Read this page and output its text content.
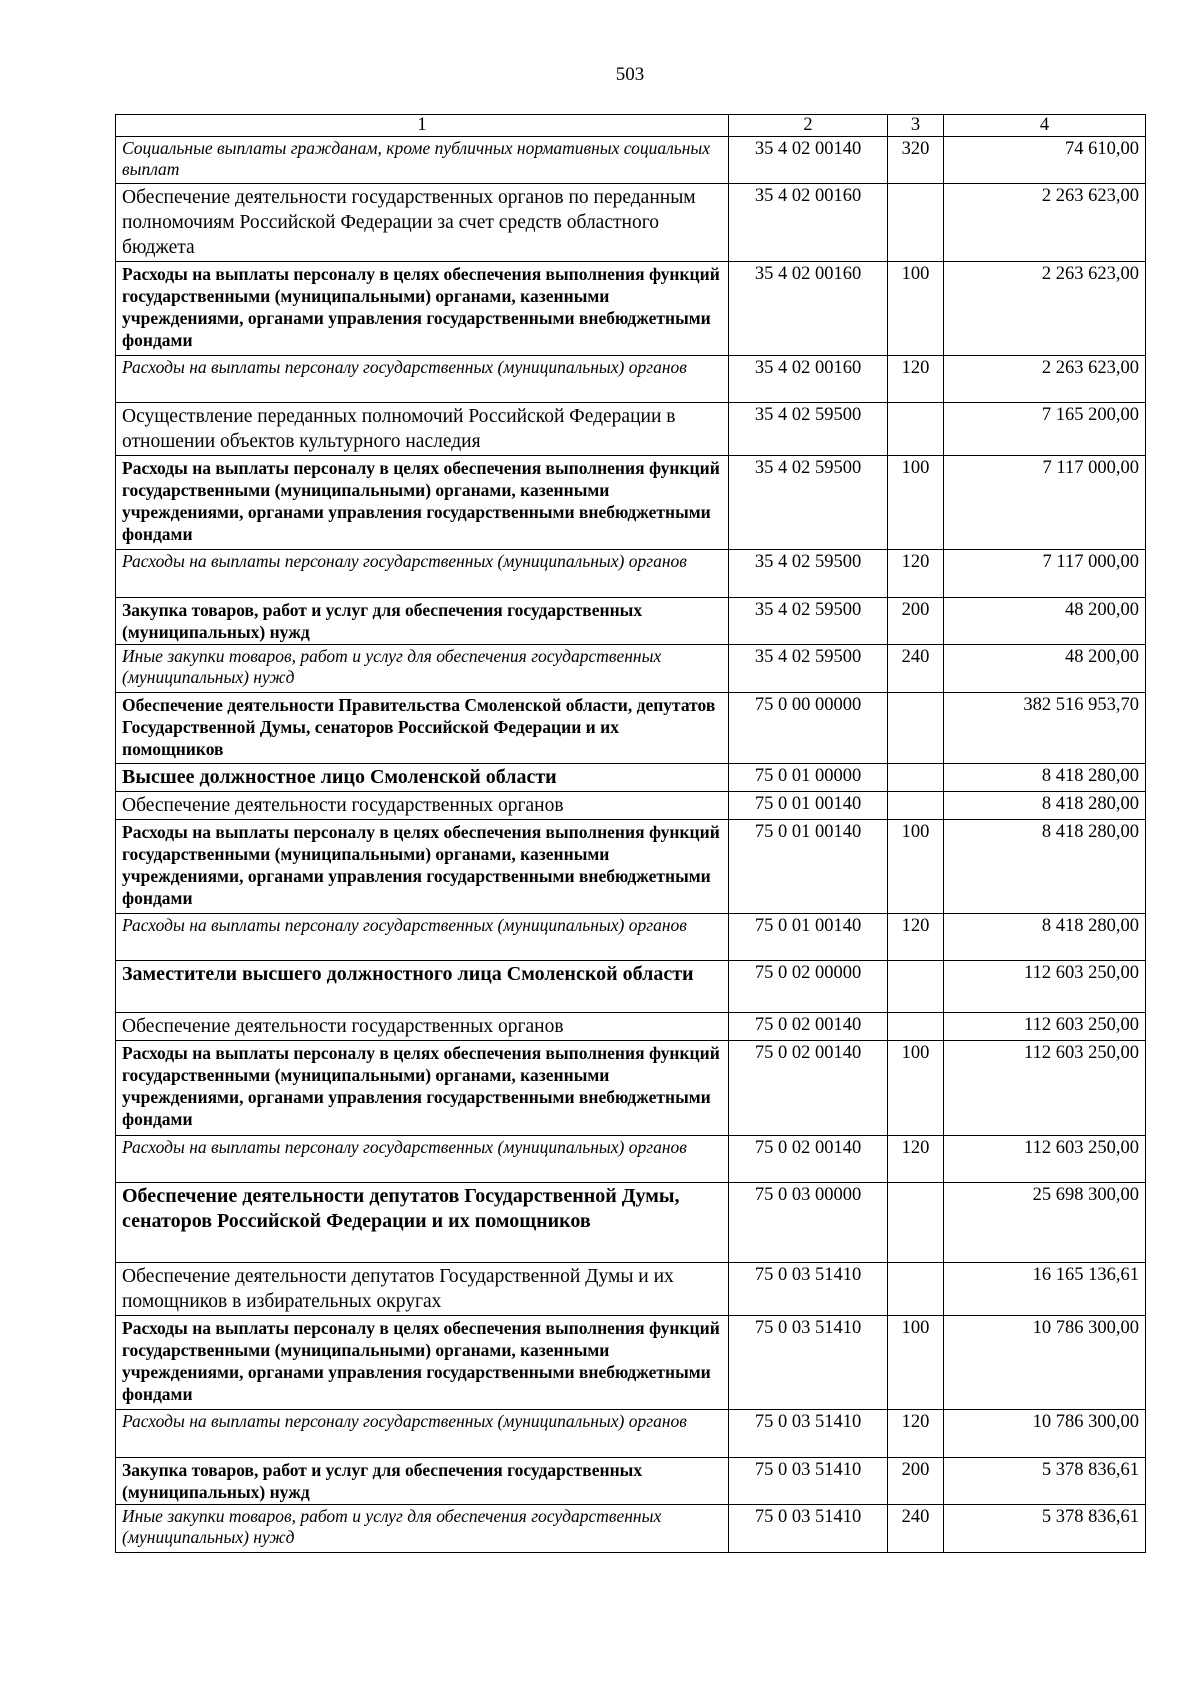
503
1	2	3	4
Социальные выплаты гражданам, кроме публичных нормативных социальных выплат	35 4 02 00140	320	74 610,00
Обеспечение деятельности государственных органов по переданным полномочиям Российской Федерации за счет средств областного бюджета	35 4 02 00160		2 263 623,00
Расходы на выплаты персоналу в целях обеспечения выполнения функций государственными (муниципальными) органами, казенными учреждениями, органами управления государственными внебюджетными фондами	35 4 02 00160	100	2 263 623,00
Расходы на выплаты персоналу государственных (муниципальных) органов	35 4 02 00160	120	2 263 623,00
Осуществление переданных полномочий Российской Федерации в отношении объектов культурного наследия	35 4 02 59500		7 165 200,00
Расходы на выплаты персоналу в целях обеспечения выполнения функций государственными (муниципальными) органами, казенными учреждениями, органами управления государственными внебюджетными фондами	35 4 02 59500	100	7 117 000,00
Расходы на выплаты персоналу государственных (муниципальных) органов	35 4 02 59500	120	7 117 000,00
Закупка товаров, работ и услуг для обеспечения государственных (муниципальных) нужд	35 4 02 59500	200	48 200,00
Иные закупки товаров, работ и услуг для обеспечения государственных (муниципальных) нужд	35 4 02 59500	240	48 200,00
Обеспечение деятельности Правительства Смоленской области, депутатов Государственной Думы, сенаторов Российской Федерации и их помощников	75 0 00 00000		382 516 953,70
Высшее должностное лицо Смоленской области	75 0 01 00000		8 418 280,00
Обеспечение деятельности государственных органов	75 0 01 00140		8 418 280,00
Расходы на выплаты персоналу в целях обеспечения выполнения функций государственными (муниципальными) органами, казенными учреждениями, органами управления государственными внебюджетными фондами	75 0 01 00140	100	8 418 280,00
Расходы на выплаты персоналу государственных (муниципальных) органов	75 0 01 00140	120	8 418 280,00
Заместители высшего должностного лица Смоленской области	75 0 02 00000		112 603 250,00
Обеспечение деятельности государственных органов	75 0 02 00140		112 603 250,00
Расходы на выплаты персоналу в целях обеспечения выполнения функций государственными (муниципальными) органами, казенными учреждениями, органами управления государственными внебюджетными фондами	75 0 02 00140	100	112 603 250,00
Расходы на выплаты персоналу государственных (муниципальных) органов	75 0 02 00140	120	112 603 250,00
Обеспечение деятельности депутатов Государственной Думы, сенаторов Российской Федерации и их помощников	75 0 03 00000		25 698 300,00
Обеспечение деятельности депутатов Государственной Думы и их помощников в избирательных округах	75 0 03 51410		16 165 136,61
Расходы на выплаты персоналу в целях обеспечения выполнения функций государственными (муниципальными) органами, казенными учреждениями, органами управления государственными внебюджетными фондами	75 0 03 51410	100	10 786 300,00
Расходы на выплаты персоналу государственных (муниципальных) органов	75 0 03 51410	120	10 786 300,00
Закупка товаров, работ и услуг для обеспечения государственных (муниципальных) нужд	75 0 03 51410	200	5 378 836,61
Иные закупки товаров, работ и услуг для обеспечения государственных (муниципальных) нужд	75 0 03 51410	240	5 378 836,61
